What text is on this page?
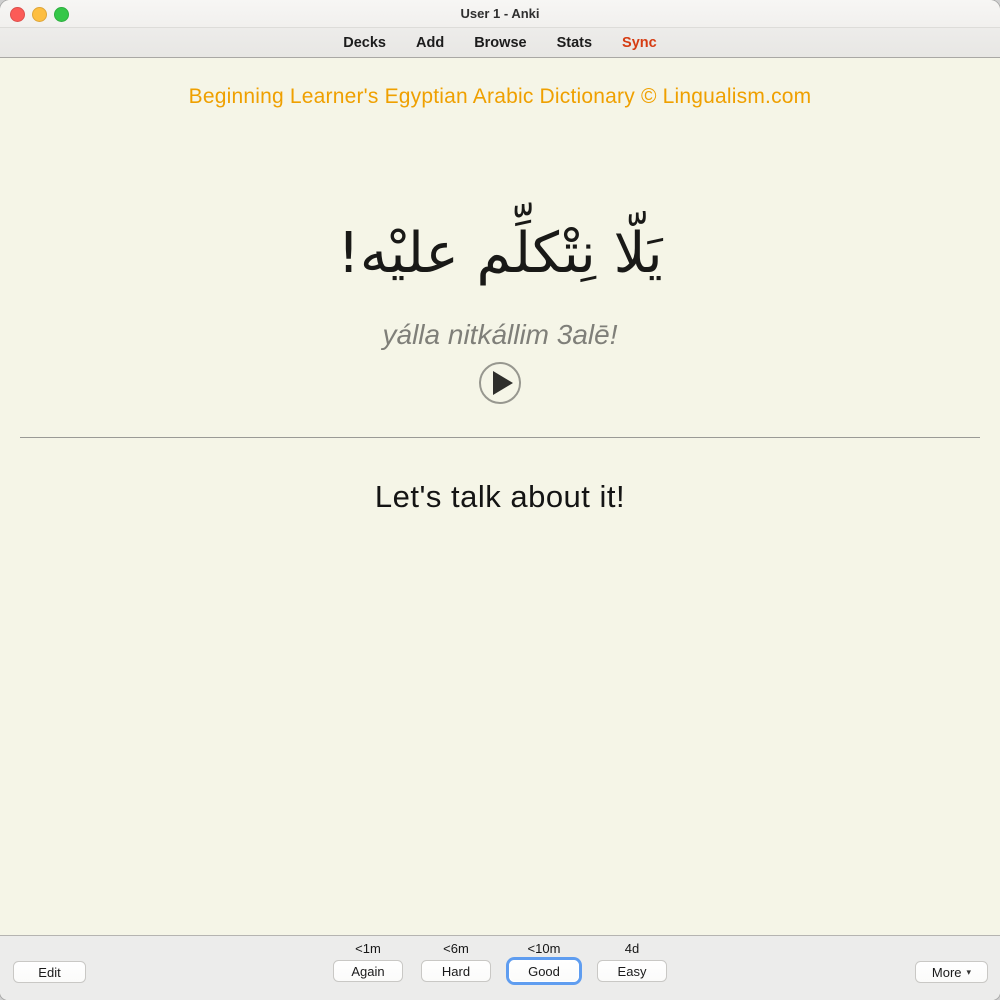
User 1 - Anki
Decks Add Browse Stats Sync
Beginning Learner's Egyptian Arabic Dictionary © Lingualism.com
يَلّا نِتْكلِّم عليْه!
yálla nitkállim 3alē!
Let's talk about it!
Edit
<1m
Again
<6m
Hard
<10m
Good
4d
Easy	More ▾
